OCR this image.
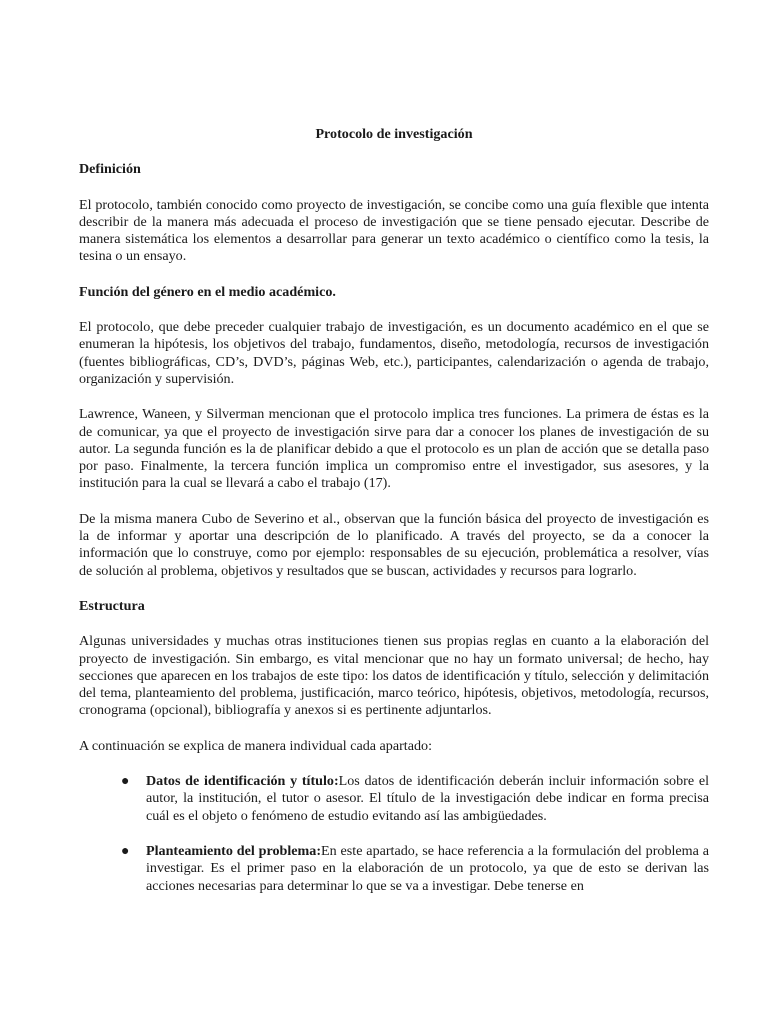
Protocolo de investigación
Definición

El protocolo, también conocido como proyecto de investigación, se concibe como una guía flexible que intenta describir de la manera más adecuada el proceso de investigación que se tiene pensado ejecutar. Describe de manera sistemática los elementos a desarrollar para generar un texto académico o científico como la tesis, la tesina o un ensayo.

Función del género en el medio académico.

El protocolo, que debe preceder cualquier trabajo de investigación, es un documento académico en el que se enumeran la hipótesis, los objetivos del trabajo, fundamentos, diseño, metodología, recursos de investigación (fuentes bibliográficas, CD’s, DVD’s, páginas Web, etc.), participantes, calendarización o agenda de trabajo, organización y supervisión.

Lawrence, Waneen, y Silverman mencionan que el protocolo implica tres funciones. La primera de éstas es la de comunicar, ya que el proyecto de investigación sirve para dar a conocer los planes de investigación de su autor. La segunda función es la de planificar debido a que el protocolo es un plan de acción que se detalla paso por paso. Finalmente, la tercera función implica un compromiso entre el investigador, sus asesores, y la institución para la cual se llevará a cabo el trabajo (17).

De la misma manera Cubo de Severino et al., observan que la función básica del proyecto de investigación es la de informar y aportar una descripción de lo planificado. A través del proyecto, se da a conocer la información que lo construye, como por ejemplo: responsables de su ejecución, problemática a resolver, vías de solución al problema, objetivos y resultados que se buscan, actividades y recursos para lograrlo.

Estructura

Algunas universidades y muchas otras instituciones tienen sus propias reglas en cuanto a la elaboración del proyecto de investigación. Sin embargo, es vital mencionar que no hay un formato universal; de hecho, hay secciones que aparecen en los trabajos de este tipo: los datos de identificación y título, selección y delimitación del tema, planteamiento del problema, justificación, marco teórico, hipótesis, objetivos, metodología, recursos, cronograma (opcional), bibliografía y anexos si es pertinente adjuntarlos.

A continuación se explica de manera individual cada apartado:

● Datos de identificación y título:Los datos de identificación deberán incluir información sobre el autor, la institución, el tutor o asesor. El título de la investigación debe indicar en forma precisa cuál es el objeto o fenómeno de estudio evitando así las ambigüedades.
● Planteamiento del problema:En este apartado, se hace referencia a la formulación del problema a investigar. Es el primer paso en la elaboración de un protocolo, ya que de esto se derivan las acciones necesarias para determinar lo que se va a investigar. Debe tenerse en
